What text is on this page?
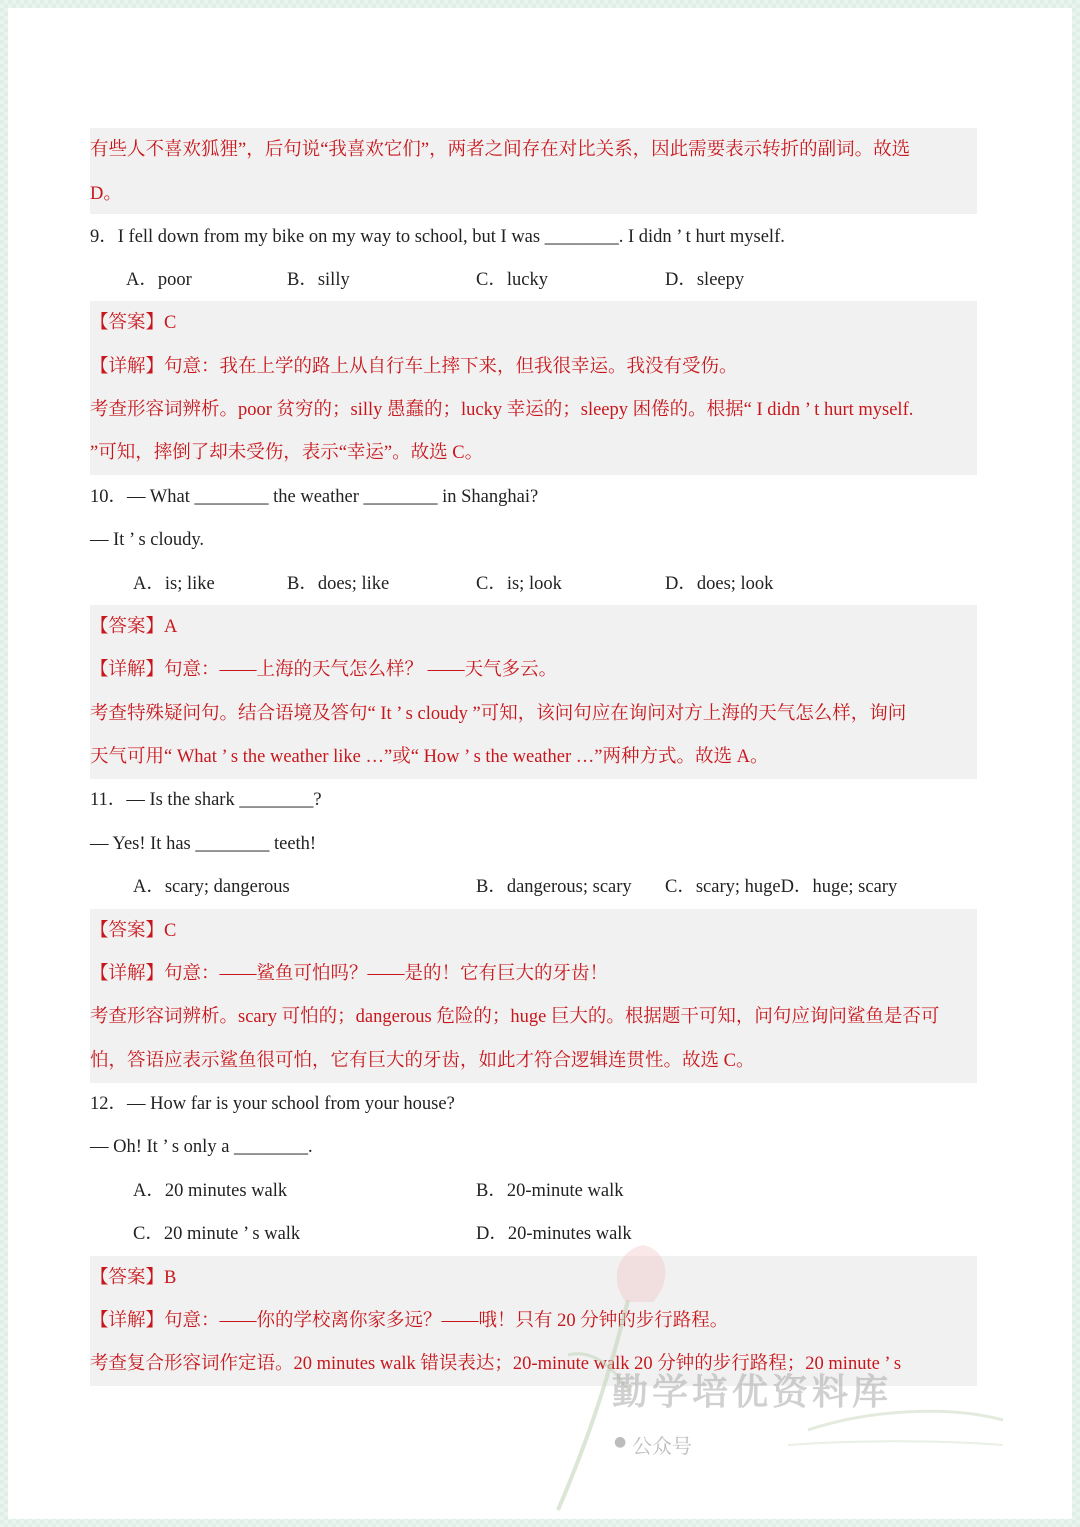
有些人不喜欢狐狸”，后句说“我喜欢它们”，两者之间存在对比关系，因此需要表示转折的副词。故选
D。
9．I fell down from my bike on my way to school, but I was ________. I didn ’ t hurt myself.
A．poor	B．silly	C．lucky	D．sleepy
【答案】C
【详解】句意：我在上学的路上从自行车上摔下来，但我很幸运。我没有受伤。
考查形容词辨析。poor 贫穷的；silly 愚蠢的；lucky 幸运的；sleepy 困倦的。根据“ I didn ’ t hurt myself.
”可知，摔倒了却未受伤，表示“幸运”。故选 C。
10．— What ________ the weather ________ in Shanghai?
— It ’ s cloudy.
A．is; like	B．does; like	C．is; look	D．does; look
【答案】A
【详解】句意：——上海的天气怎么样？ ——天气多云。
考查特殊疑问句。结合语境及答句“ It ’ s cloudy ”可知，该问句应在询问对方上海的天气怎么样，询问
天气可用“ What ’ s the weather like …”或“ How ’ s the weather …”两种方式。故选 A。
11．— Is the shark ________?
— Yes! It has ________ teeth!
A．scary; dangerous	B．dangerous; scary C．scary; hugeD．huge; scary
【答案】C
【详解】句意：——鲨鱼可怕吗？——是的！它有巨大的牙齿！
考查形容词辨析。scary 可怕的；dangerous 危险的；huge 巨大的。根据题干可知，问句应询问鲨鱼是否可
怕，答语应表示鲨鱼很可怕，它有巨大的牙齿，如此才符合逻辑连贯性。故选 C。
12．— How far is your school from your house?
— Oh! It ’ s only a ________.
A．20 minutes walk	B．20-minute walk
C．20 minute ’ s walk	D．20-minutes walk
【答案】B
【详解】句意：——你的学校离你家多远？——哦！只有 20 分钟的步行路程。
考查复合形容词作定语。20 minutes walk 错误表达；20-minute walk 20 分钟的步行路程；20 minute ’ s
勤学培优资料库
● 公众号
